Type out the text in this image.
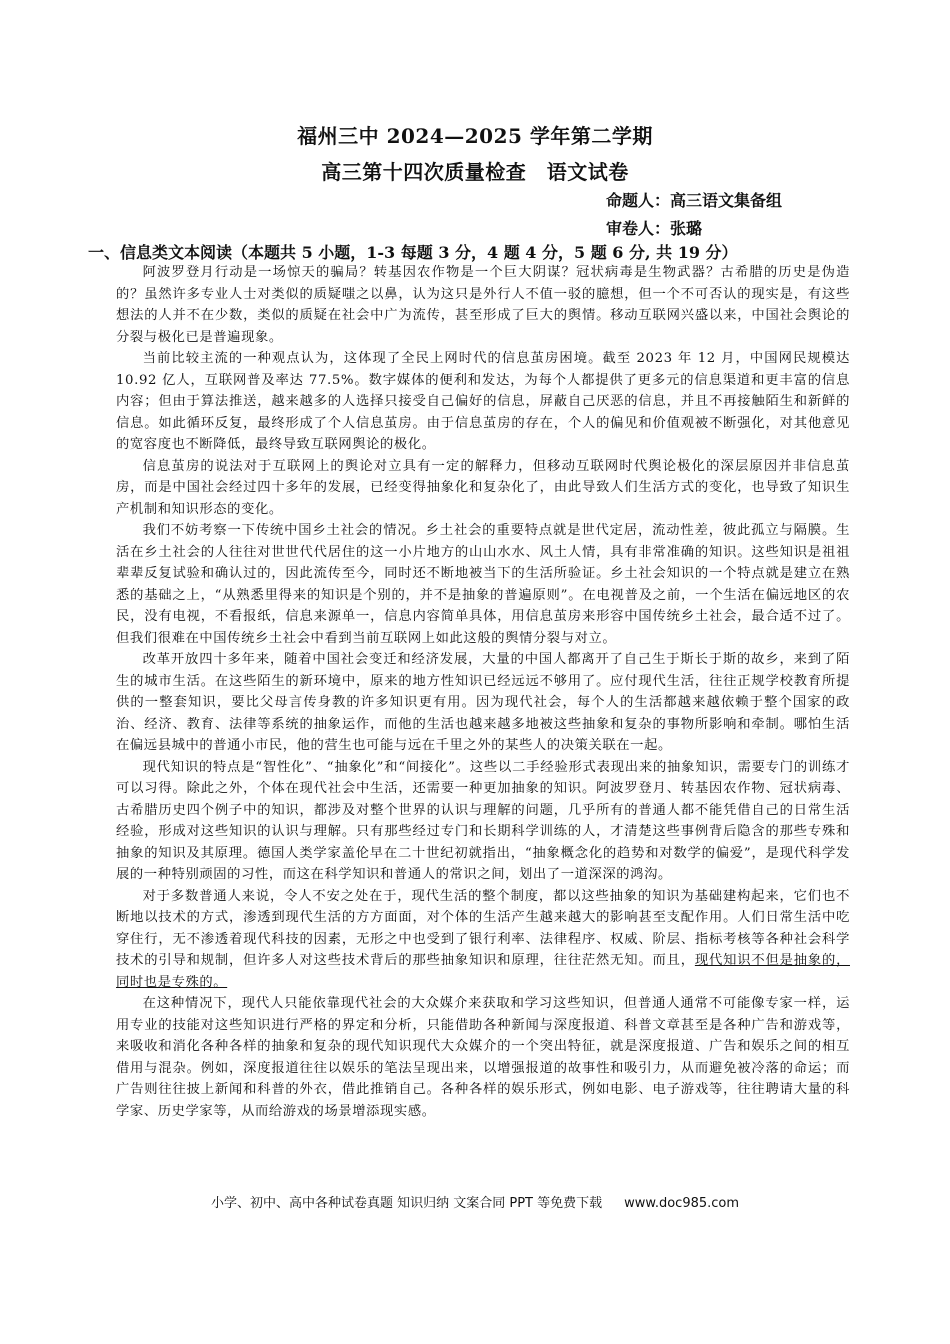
福州三中 2024—2025 学年第二学期
高三第十四次质量检查　语文试卷
命题人：高三语文集备组
审卷人：张璐
一、信息类文本阅读（本题共 5 小题，1-3 每题 3 分，4 题 4 分，5 题 6 分, 共 19 分）

阿波罗登月行动是一场惊天的骗局？转基因农作物是一个巨大阴谋？冠状病毒是生物武器？古希腊的历史是伪造的？虽然许多专业人士对类似的质疑嗤之以鼻，认为这只是外行人不值一驳的臆想，但一个不可否认的现实是，有这些想法的人并不在少数，类似的质疑在社会中广为流传，甚至形成了巨大的舆情。移动互联网兴盛以来，中国社会舆论的分裂与极化已是普遍现象。

当前比较主流的一种观点认为，这体现了全民上网时代的信息茧房困境。截至 2023 年 12 月，中国网民规模达 10.92 亿人，互联网普及率达 77.5%。数字媒体的便利和发达，为每个人都提供了更多元的信息渠道和更丰富的信息内容；但由于算法推送，越来越多的人选择只接受自己偏好的信息，屏蔽自己厌恶的信息，并且不再接触陌生和新鲜的信息。如此循环反复，最终形成了个人信息茧房。由于信息茧房的存在，个人的偏见和价值观被不断强化，对其他意见的宽容度也不断降低，最终导致互联网舆论的极化。

信息茧房的说法对于互联网上的舆论对立具有一定的解释力，但移动互联网时代舆论极化的深层原因并非信息茧房，而是中国社会经过四十多年的发展，已经变得抽象化和复杂化了，由此导致人们生活方式的变化，也导致了知识生产机制和知识形态的变化。

我们不妨考察一下传统中国乡土社会的情况。乡土社会的重要特点就是世代定居，流动性差，彼此孤立与隔膜。生活在乡土社会的人往往对世世代代居住的这一小片地方的山山水水、风土人情，具有非常准确的知识。这些知识是祖祖辈辈反复试验和确认过的，因此流传至今，同时还不断地被当下的生活所验证。乡土社会知识的一个特点就是建立在熟悉的基础之上，“从熟悉里得来的知识是个别的，并不是抽象的普遍原则”。在电视普及之前，一个生活在偏远地区的农民，没有电视，不看报纸，信息来源单一，信息内容简单具体，用信息茧房来形容中国传统乡土社会，最合适不过了。但我们很难在中国传统乡土社会中看到当前互联网上如此这般的舆情分裂与对立。

改革开放四十多年来，随着中国社会变迁和经济发展，大量的中国人都离开了自己生于斯长于斯的故乡，来到了陌生的城市生活。在这些陌生的新环境中，原来的地方性知识已经远远不够用了。应付现代生活，往往正规学校教育所提供的一整套知识，要比父母言传身教的许多知识更有用。因为现代社会，每个人的生活都越来越依赖于整个国家的政治、经济、教育、法律等系统的抽象运作，而他的生活也越来越多地被这些抽象和复杂的事物所影响和牵制。哪怕生活在偏远县城中的普通小市民，他的营生也可能与远在千里之外的某些人的决策关联在一起。

现代知识的特点是“智性化”、“抽象化”和“间接化”。这些以二手经验形式表现出来的抽象知识，需要专门的训练才可以习得。除此之外，个体在现代社会中生活，还需要一种更加抽象的知识。阿波罗登月、转基因农作物、冠状病毒、古希腊历史四个例子中的知识，都涉及对整个世界的认识与理解的问题，几乎所有的普通人都不能凭借自己的日常生活经验，形成对这些知识的认识与理解。只有那些经过专门和长期科学训练的人，才清楚这些事例背后隐含的那些专殊和抽象的知识及其原理。德国人类学家盖伦早在二十世纪初就指出，“抽象概念化的趋势和对数学的偏爱”，是现代科学发展的一种特别顽固的习性，而这在科学知识和普通人的常识之间，划出了一道深深的鸿沟。

对于多数普通人来说，令人不安之处在于，现代生活的整个制度，都以这些抽象的知识为基础建构起来，它们也不断地以技术的方式，渗透到现代生活的方方面面，对个体的生活产生越来越大的影响甚至支配作用。人们日常生活中吃穿住行，无不渗透着现代科技的因素，无形之中也受到了银行利率、法律程序、权威、阶层、指标考核等各种社会科学技术的引导和规制，但许多人对这些技术背后的那些抽象知识和原理，往往茫然无知。而且，现代知识不但是抽象的，同时也是专殊的。

在这种情况下，现代人只能依靠现代社会的大众媒介来获取和学习这些知识，但普通人通常不可能像专家一样，运用专业的技能对这些知识进行严格的界定和分析，只能借助各种新闻与深度报道、科普文章甚至是各种广告和游戏等，来吸收和消化各种各样的抽象和复杂的现代知识现代大众媒介的一个突出特征，就是深度报道、广告和娱乐之间的相互借用与混杂。例如，深度报道往往以娱乐的笔法呈现出来，以增强报道的故事性和吸引力，从而避免被冷落的命运；而广告则往往披上新闻和科普的外衣，借此推销自己。各种各样的娱乐形式，例如电影、电子游戏等，往往聘请大量的科学家、历史学家等，从而给游戏的场景增添现实感。

小学、初中、高中各种试卷真题 知识归纳 文案合同 PPT 等免费下载 www.doc985.com
